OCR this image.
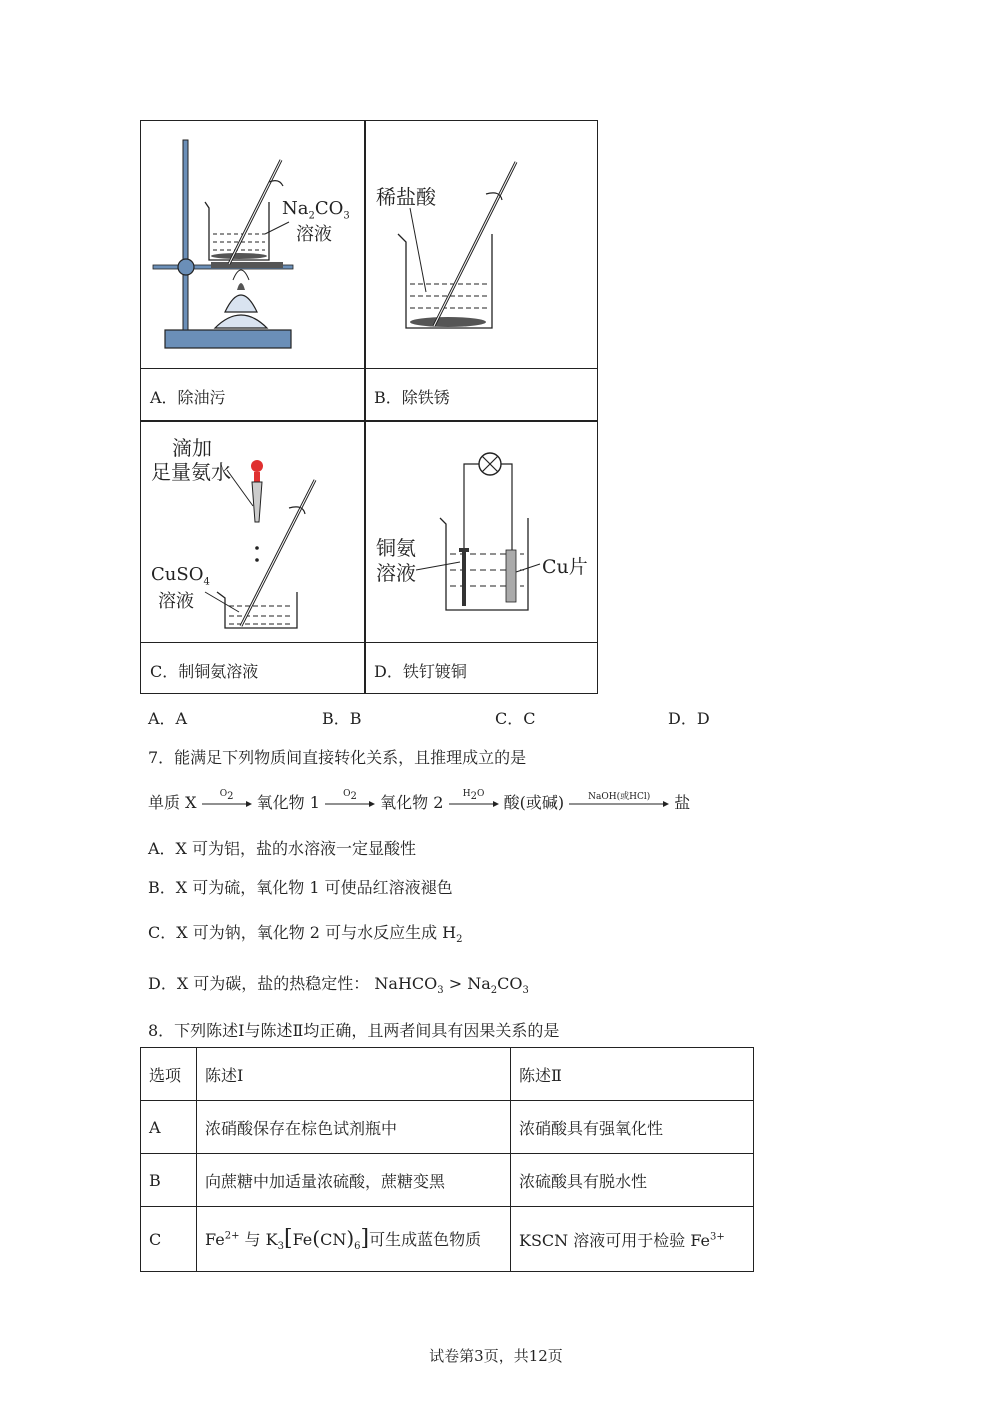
$Na_2CO_3$
溶液
A．除油污
稀盐酸
B．除铁锈
滴加
足量氨水
CuSO$_4$
溶液
C．制铜氨溶液
铜氨
溶液	Cu片
D．铁钉镀铜
A．A	B．B	C．C	D．D
7．能满足下列物质间直接转化关系，且推理成立的是
单质 X	$O_2$	氧化物 1	$O_2$	氧化物 2	$H_2O$	酸(或碱)	NaOH(或HCl)	盐
A．X 可为铝，盐的水溶液一定显酸性
B．X 可为硫，氧化物 1 可使品红溶液褪色
C．X 可为钠，氧化物 2 可与水反应生成 $H_2$
D．X 可为碳，盐的热稳定性： NaHCO$_3$ > $Na_2CO_3$
8．下列陈述Ⅰ与陈述Ⅱ均正确，且两者间具有因果关系的是
选项	陈述Ⅰ	陈述Ⅱ
A	浓硝酸保存在棕色试剂瓶中	浓硝酸具有强氧化性
B	向蔗糖中加适量浓硫酸，蔗糖变黑	浓硫酸具有脱水性
C	$Fe^{2+}$ 与 $K_3[Fe(CN)_6]$可生成蓝色物质	KSCN 溶液可用于检验 $Fe^{3+}$
试卷第3页，共12页
